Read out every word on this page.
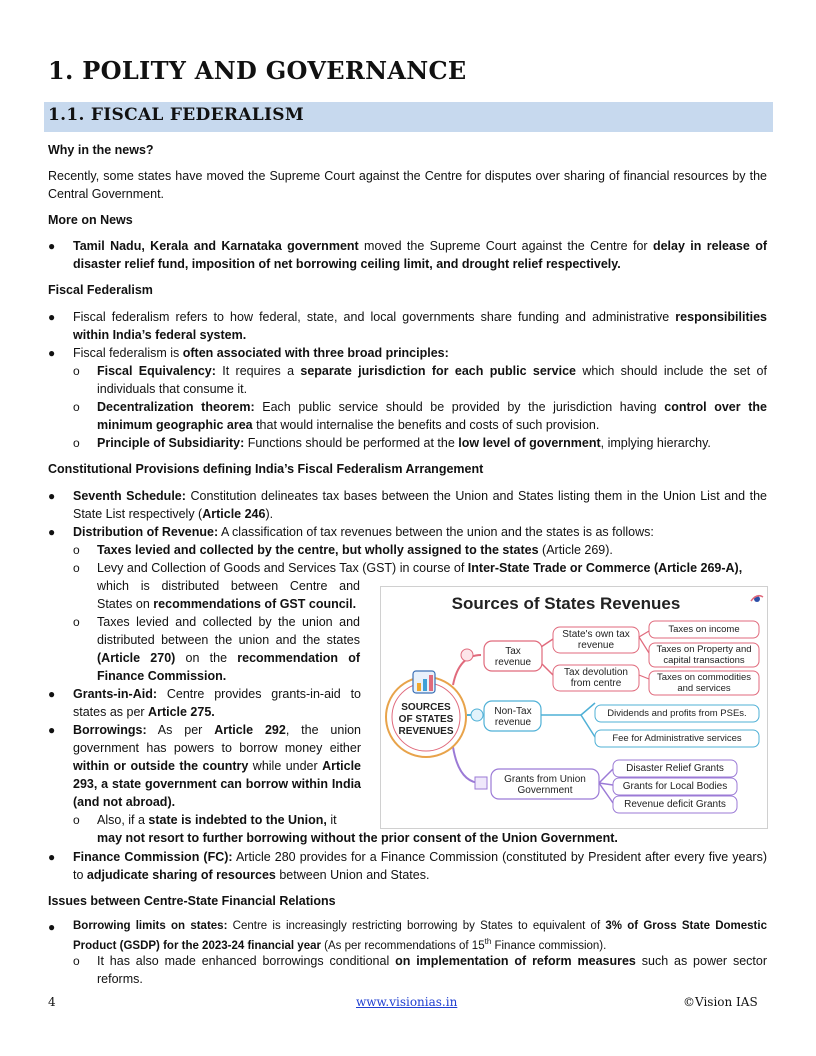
1. POLITY AND GOVERNANCE
1.1. FISCAL FEDERALISM
Why in the news?
Recently, some states have moved the Supreme Court against the Centre for disputes over sharing of financial resources by the Central Government.
More on News
● Tamil Nadu, Kerala and Karnataka government moved the Supreme Court against the Centre for delay in release of disaster relief fund, imposition of net borrowing ceiling limit, and drought relief respectively.
Fiscal Federalism
● Fiscal federalism refers to how federal, state, and local governments share funding and administrative responsibilities within India’s federal system.
● Fiscal federalism is often associated with three broad principles:
o Fiscal Equivalency: It requires a separate jurisdiction for each public service which should include the set of individuals that consume it.
o Decentralization theorem: Each public service should be provided by the jurisdiction having control over the minimum geographic area that would internalise the benefits and costs of such provision.
o Principle of Subsidiarity: Functions should be performed at the low level of government, implying hierarchy.
Constitutional Provisions defining India’s Fiscal Federalism Arrangement
● Seventh Schedule: Constitution delineates tax bases between the Union and States listing them in the Union List and the State List respectively (Article 246).
● Distribution of Revenue: A classification of tax revenues between the union and the states is as follows:
o Taxes levied and collected by the centre, but wholly assigned to the states (Article 269).
o Levy and Collection of Goods and Services Tax (GST) in course of Inter-State Trade or Commerce (Article 269-A),
which is distributed between Centre and
States on recommendations of GST council.
o Taxes levied and collected by the union and distributed between the union and the states (Article 270) on the recommendation of Finance Commission.
● Grants-in-Aid: Centre provides grants-in-aid to states as per Article 275.
● Borrowings: As per Article 292, the union government has powers to borrow money either within or outside the country while under Article 293, a state government can borrow within India (and not abroad).
o Also, if a state is indebted to the Union, it
may not resort to further borrowing without the prior consent of the Union Government.
● Finance Commission (FC): Article 280 provides for a Finance Commission (constituted by President after every five years) to adjudicate sharing of resources between Union and States.
Issues between Centre-State Financial Relations
● Borrowing limits on states: Centre is increasingly restricting borrowing by States to equivalent of 3% of Gross State Domestic Product (GSDP) for the 2023-24 financial year (As per recommendations of 15th Finance commission).
o It has also made enhanced borrowings conditional on implementation of reform measures such as power sector reforms.
Sources of States Revenues
SOURCES OF STATES REVENUES
Tax revenue
Non-Tax revenue
Grants from Union Government
State's own tax revenue
Tax devolution from centre
Taxes on income
Taxes on Property and capital transactions
Taxes on commodities and services
Dividends and profits from PSEs.
Fee for Administrative services
Disaster Relief Grants
Grants for Local Bodies
Revenue deficit Grants
4	www.visionias.in	©Vision IAS
